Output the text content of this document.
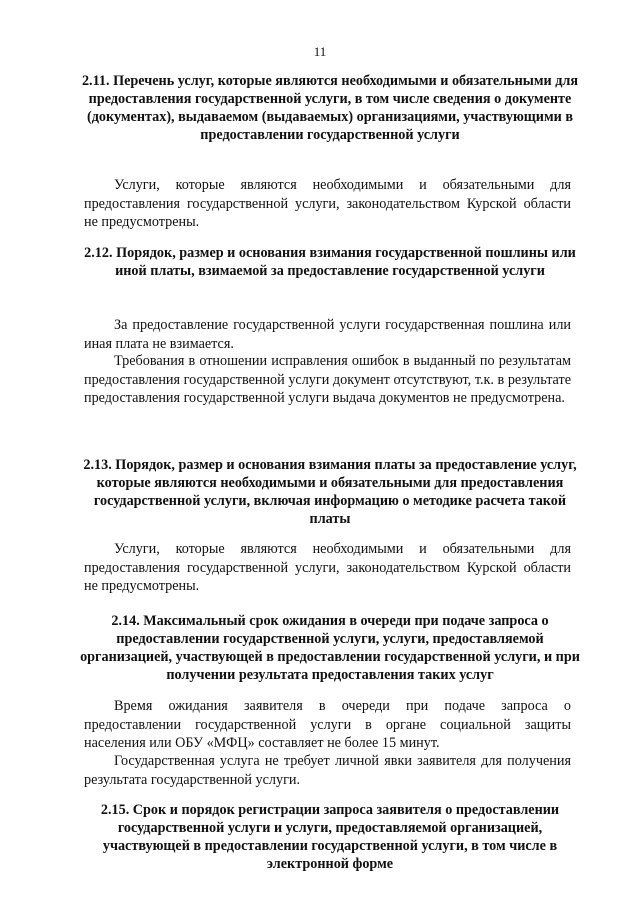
11
2.11. Перечень услуг, которые являются необходимыми и обязательными для предоставления государственной услуги, в том числе сведения о документе (документах), выдаваемом (выдаваемых) организациями, участвующими в предоставлении государственной услуги
Услуги, которые являются необходимыми и обязательными для предоставления государственной услуги, законодательством Курской области не предусмотрены.
2.12. Порядок, размер и основания взимания государственной пошлины или иной платы, взимаемой за предоставление государственной услуги
За предоставление государственной услуги государственная пошлина или иная плата не взимается.
Требования в отношении исправления ошибок в выданный по результатам предоставления государственной услуги документ отсутствуют, т.к. в результате предоставления государственной услуги выдача документов не предусмотрена.
2.13. Порядок, размер и основания взимания платы за предоставление услуг, которые являются необходимыми и обязательными для предоставления государственной услуги, включая информацию о методике расчета такой платы
Услуги, которые являются необходимыми и обязательными для предоставления государственной услуги, законодательством Курской области не предусмотрены.
2.14. Максимальный срок ожидания в очереди при подаче запроса о предоставлении государственной услуги, услуги, предоставляемой организацией, участвующей в предоставлении государственной услуги, и при получении результата предоставления таких услуг
Время ожидания заявителя в очереди при подаче запроса о предоставлении государственной услуги в органе социальной защиты населения или ОБУ «МФЦ» составляет не более 15 минут.
Государственная услуга не требует личной явки заявителя для получения результата государственной услуги.
2.15. Срок и порядок регистрации запроса заявителя о предоставлении государственной услуги и услуги, предоставляемой организацией, участвующей в предоставлении государственной услуги, в том числе в электронной форме
